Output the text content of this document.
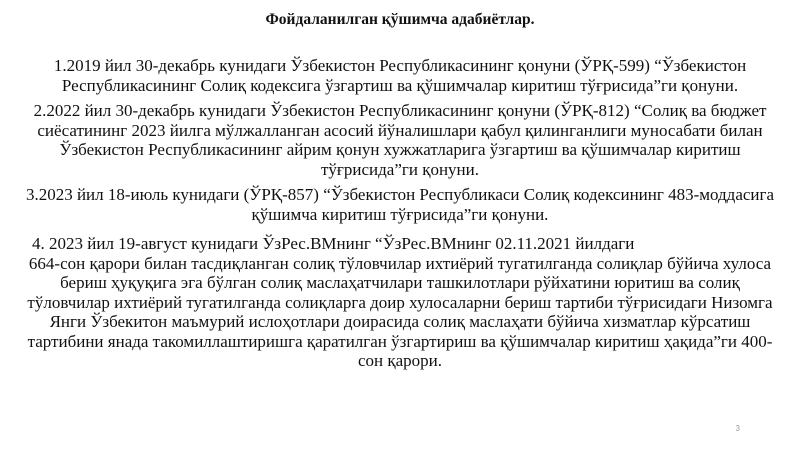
Фойдаланилган қўшимча адабиётлар.

1.2019 йил 30-декабрь кунидаги Ўзбекистон Республикасининг қонуни (ЎРҚ-599) “Ўзбекистон Республикасининг Солиқ кодексига ўзгартиш ва қўшимчалар киритиш тўғрисида”ги қонуни.

2.2022 йил 30-декабрь кунидаги Ўзбекистон Республикасининг қонуни (ЎРҚ-812) “Солиқ ва бюджет сиёсатининг 2023 йилга мўлжалланган асосий йўналишлари қабул қилинганлиги муносабати билан Ўзбекистон Республикасининг айрим қонун хужжатларига ўзгартиш ва қўшимчалар киритиш тўғрисида”ги қонуни.

3.2023 йил 18-июль кунидаги (ЎРҚ-857) “Ўзбекистон Республикаси Солиқ кодексининг 483-моддасига қўшимча киритиш тўғрисида”ги қонуни.

4. 2023 йил 19-август кунидаги ЎзРес.ВМнинг “ЎзРес.ВМнинг 02.11.2021 йилдаги
664-сон қарори билан тасдиқланган солиқ тўловчилар ихтиёрий тугатилганда солиқлар бўйича хулоса бериш ҳуқуқига эга бўлган солиқ маслаҳатчилари ташкилотлари рўйхатини юритиш ва солиқ тўловчилар ихтиёрий тугатилганда солиқларга доир хулосаларни бериш тартиби тўғрисидаги Низомга Янги Ўзбекитон маъмурий ислоҳотлари доирасида солиқ маслаҳати бўйича хизматлар кўрсатиш тартибини янада такомиллаштиришга қаратилган ўзгартириш ва қўшимчалар киритиш ҳақида”ги 400-сон қарори.
3
